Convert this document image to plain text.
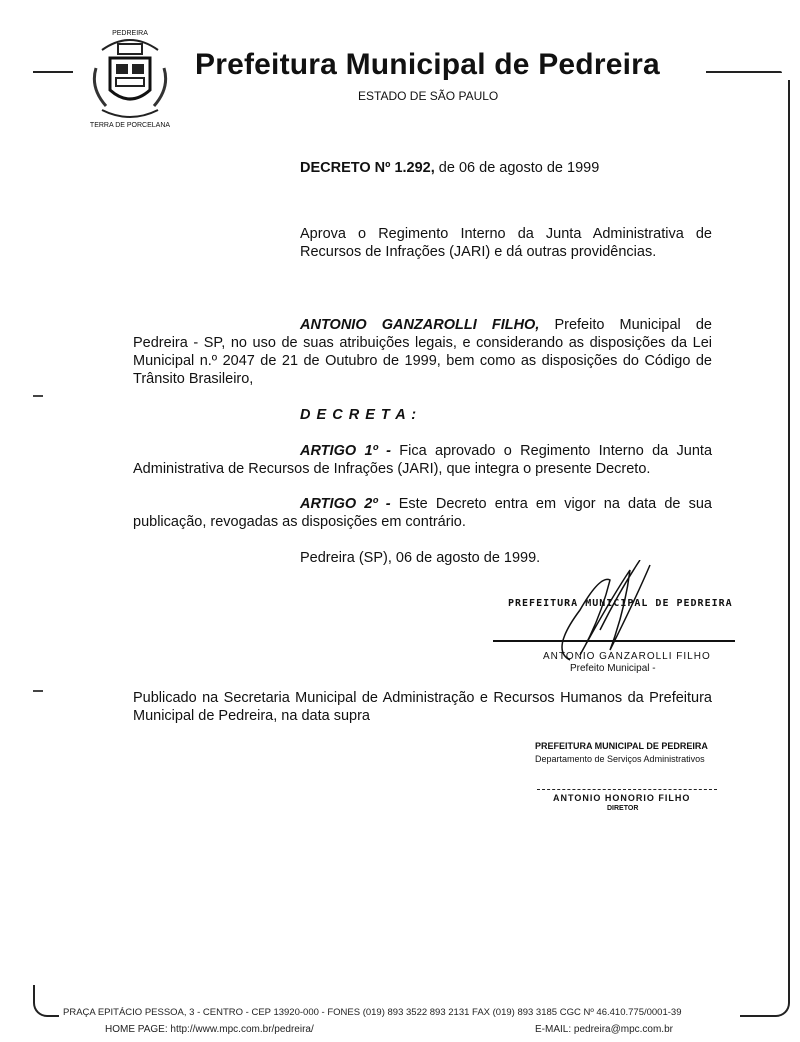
PEDREIRA
TERRA DE PORCELANA
Prefeitura Municipal de Pedreira
ESTADO DE SÃO PAULO
DECRETO Nº 1.292, de 06 de agosto de 1999
Aprova o Regimento Interno da Junta Administrativa de Recursos de Infrações (JARI) e dá outras providências.
ANTONIO GANZAROLLI FILHO, Prefeito Municipal de Pedreira - SP, no uso de suas atribuições legais, e considerando as disposições da Lei Municipal n.º 2047 de 21 de Outubro de 1999, bem como as disposições do Código de Trânsito Brasileiro,
D E C R E T A :
ARTIGO 1º - Fica aprovado o Regimento Interno da Junta Administrativa de Recursos de Infrações (JARI), que integra o presente Decreto.
ARTIGO 2º - Este Decreto entra em vigor na data de sua publicação, revogadas as disposições em contrário.
Pedreira (SP), 06 de agosto de 1999.
PREFEITURA MUNICIPAL DE PEDREIRA
ANTONIO GANZAROLLI FILHO
Prefeito Municipal -
Publicado na Secretaria Municipal de Administração e Recursos Humanos da Prefeitura Municipal de Pedreira, na data supra
PREFEITURA MUNICIPAL DE PEDREIRA
Departamento de Serviços Administrativos
ANTONIO HONORIO FILHO
DIRETOR
PRAÇA EPITÁCIO PESSOA, 3 - CENTRO - CEP 13920-000 - FONES (019) 893 3522 893 2131 FAX (019) 893 3185 CGC Nº 46.410.775/0001-39
HOME PAGE: http://www.mpc.com.br/pedreira/	E-MAIL: pedreira@mpc.com.br
